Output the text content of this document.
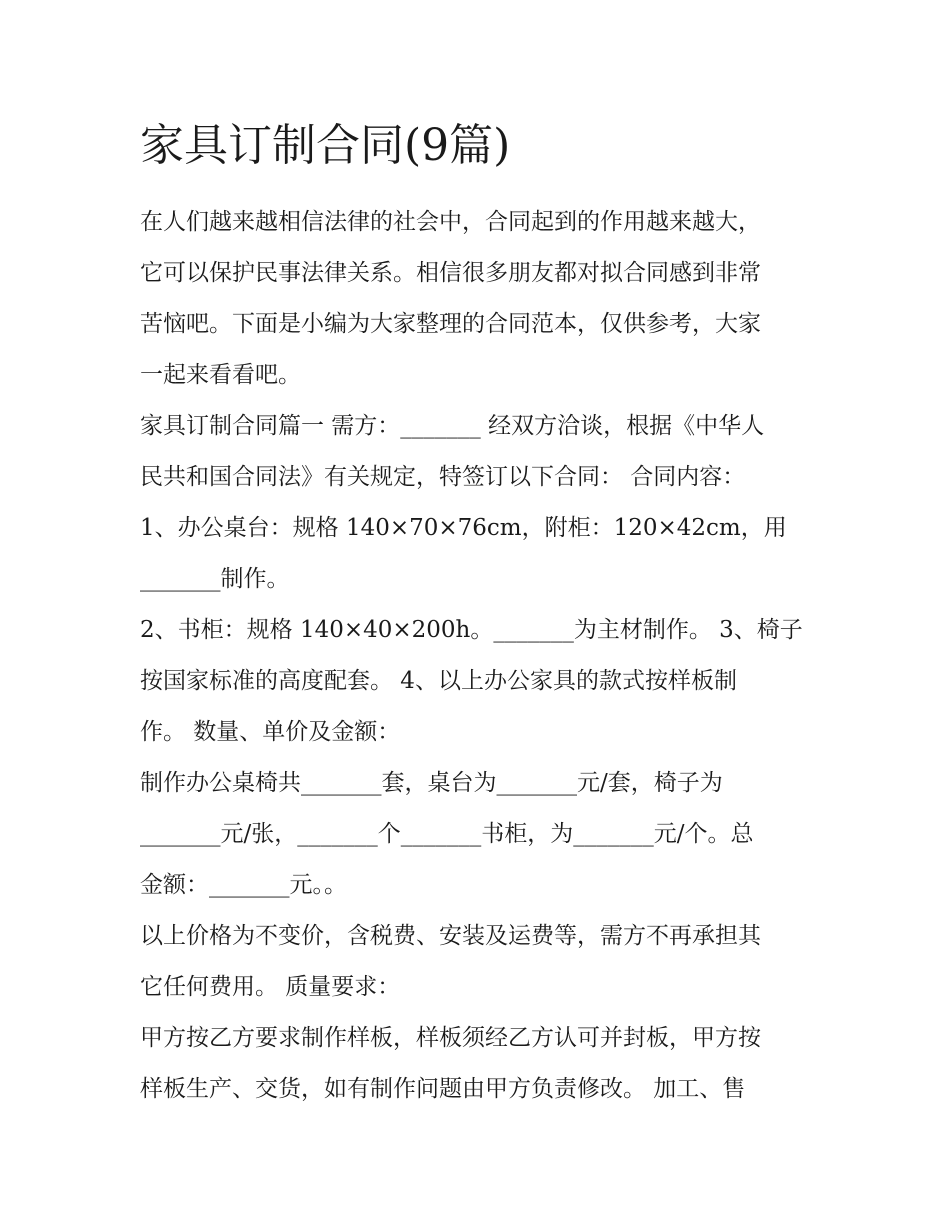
家具订制合同(9篇)
在人们越来越相信法律的社会中，合同起到的作用越来越大，
它可以保护民事法律关系。相信很多朋友都对拟合同感到非常
苦恼吧。下面是小编为大家整理的合同范本，仅供参考，大家
一起来看看吧。
家具订制合同篇一 需方：_______ 经双方洽谈，根据《中华人
民共和国合同法》有关规定，特签订以下合同： 合同内容：
1、办公桌台：规格 140×70×76cm，附柜：120×42cm，用
_______制作。
2、书柜：规格 140×40×200h。_______为主材制作。 3、椅子
按国家标准的高度配套。 4、以上办公家具的款式按样板制
作。 数量、单价及金额：
制作办公桌椅共_______套，桌台为_______元/套，椅子为
_______元/张，_______个_______书柜，为_______元/个。总
金额：_______元。。
以上价格为不变价，含税费、安装及运费等，需方不再承担其
它任何费用。 质量要求：
甲方按乙方要求制作样板，样板须经乙方认可并封板，甲方按
样板生产、交货，如有制作问题由甲方负责修改。 加工、售
